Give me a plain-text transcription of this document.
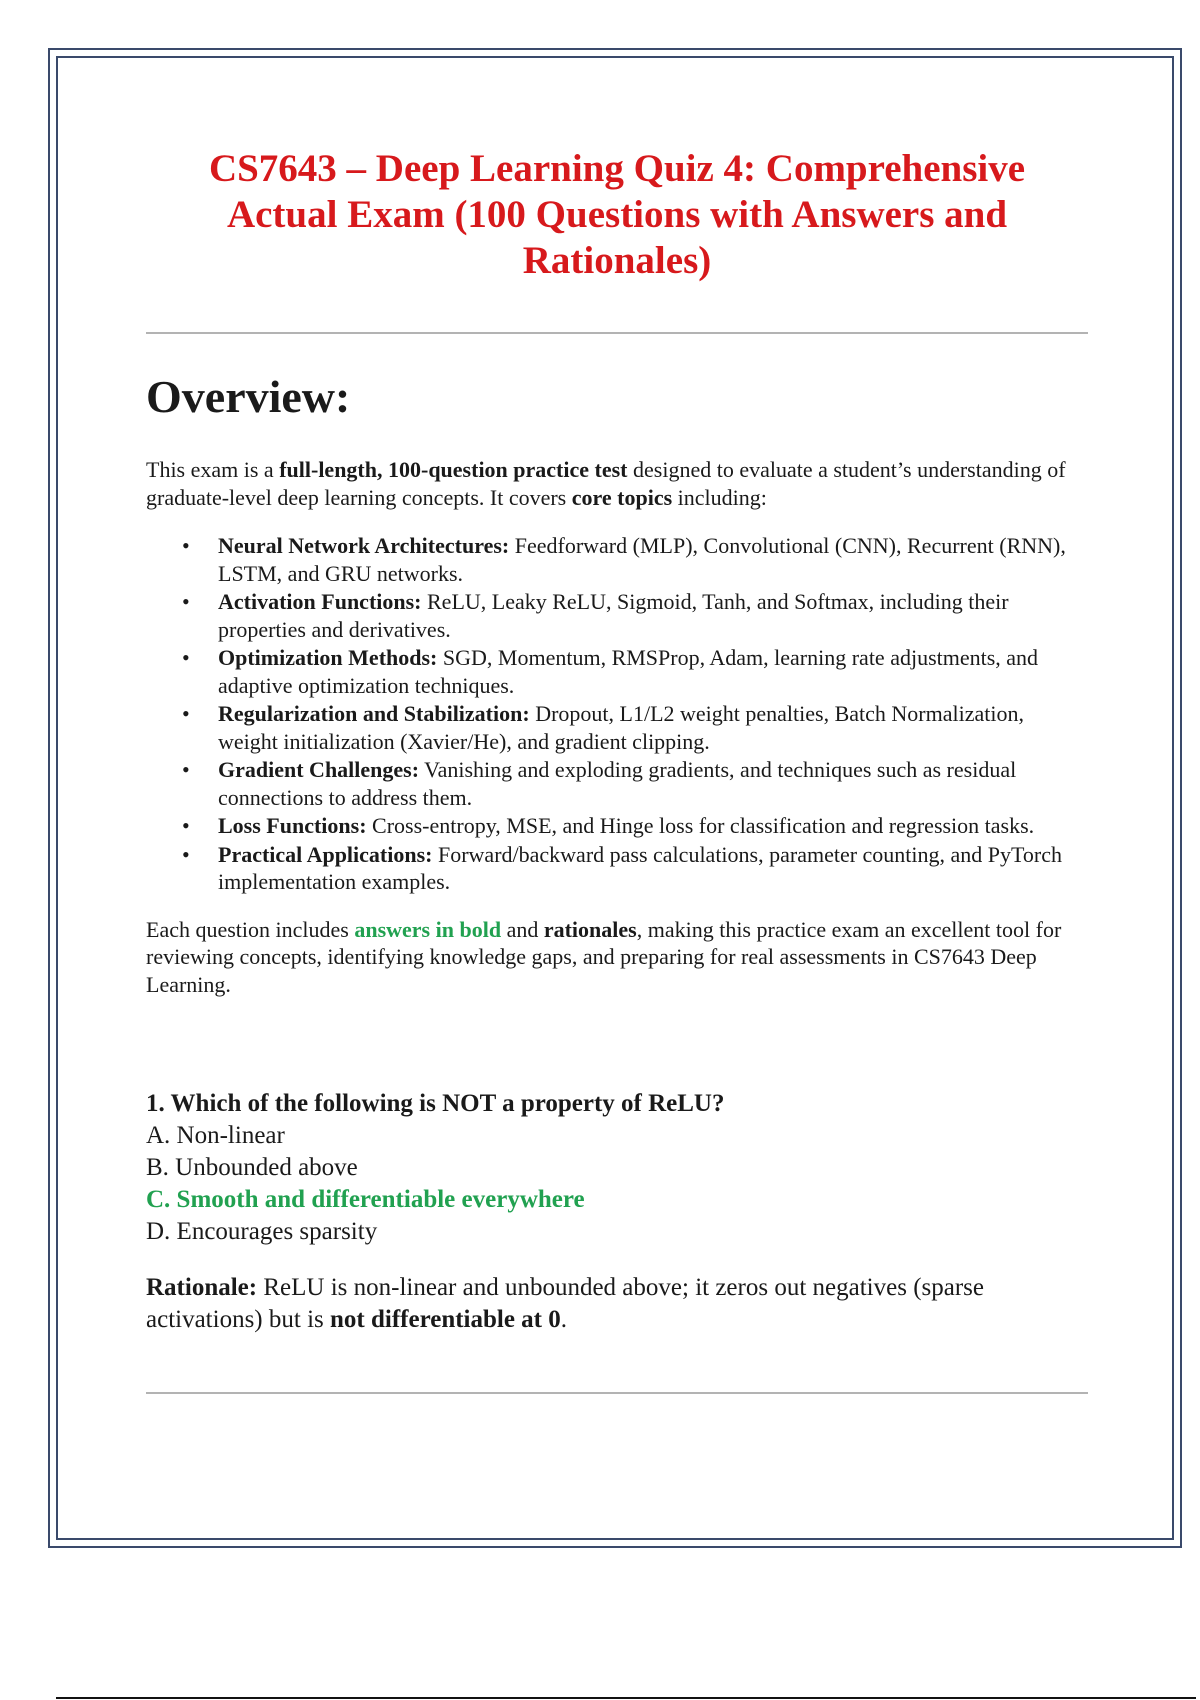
CS7643 – Deep Learning Quiz 4: Comprehensive
Actual Exam (100 Questions with Answers and
Rationales)
Overview:

This exam is a full-length, 100-question practice test designed to evaluate a student’s understanding of graduate-level deep learning concepts. It covers core topics including:

• Neural Network Architectures: Feedforward (MLP), Convolutional (CNN), Recurrent (RNN), LSTM, and GRU networks.
• Activation Functions: ReLU, Leaky ReLU, Sigmoid, Tanh, and Softmax, including their properties and derivatives.
• Optimization Methods: SGD, Momentum, RMSProp, Adam, learning rate adjustments, and adaptive optimization techniques.
• Regularization and Stabilization: Dropout, L1/L2 weight penalties, Batch Normalization, weight initialization (Xavier/He), and gradient clipping.
• Gradient Challenges: Vanishing and exploding gradients, and techniques such as residual connections to address them.
• Loss Functions: Cross-entropy, MSE, and Hinge loss for classification and regression tasks.
• Practical Applications: Forward/backward pass calculations, parameter counting, and PyTorch implementation examples.

Each question includes answers in bold and rationales, making this practice exam an excellent tool for reviewing concepts, identifying knowledge gaps, and preparing for real assessments in CS7643 Deep Learning.

1. Which of the following is NOT a property of ReLU?

A. Non-linear

B. Unbounded above

C. Smooth and differentiable everywhere

D. Encourages sparsity

Rationale: ReLU is non-linear and unbounded above; it zeros out negatives (sparse activations) but is not differentiable at 0.
